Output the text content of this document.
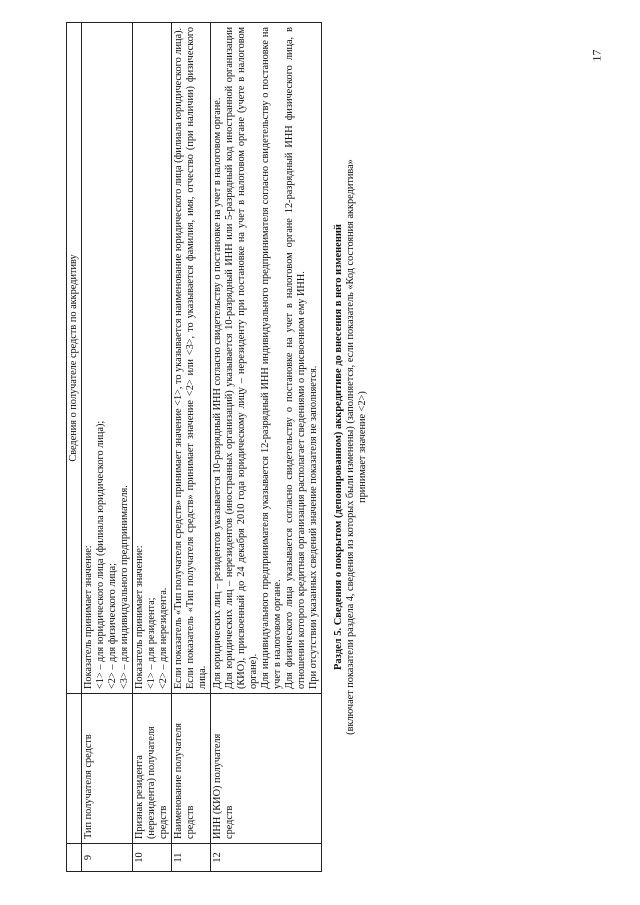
17
		Сведения о получателе средств по аккредитиву
9	Тип получателя средств	Показатель принимает значение: <1> – для юридического лица (филиала юридического лица); <2> – для физического лица; <3> – для индивидуального предпринимателя.

10	Признак резидента (нерезидента) получателя средств	Показатель принимает значение: <1> – для резидента; <2> – для нерезидента.

11	Наименование получателя средств	Если показатель «Тип получателя средств» принимает значение <1>, то указывается наименование юридического лица (филиала юридического лица). Если показатель «Тип получателя средств» принимает значение <2> или <3>, то указывается фамилия, имя, отчество (при наличии) физического лица.

12	ИНН (КИО) получателя средств	Для юридических лиц – резидентов указывается 10-разрядный ИНН согласно свидетельству о постановке на учет в налоговом органе. Для юридических лиц – нерезидентов (иностранных организаций) указывается 10-разрядный ИНН или 5-разрядный код иностранной организации (КИО), присвоенный до 24 декабря 2010 года юридическому лицу – нерезиденту при постановке на учет в налоговом органе (учете в налоговом органе). Для индивидуального предпринимателя указывается 12-разрядный ИНН индивидуального предпринимателя согласно свидетельству о постановке на учет в налоговом органе. Для физического лица указывается согласно свидетельству о постановке на учет в налоговом органе 12-разрядный ИНН физического лица, в отношении которого кредитная организация располагает сведениями о присвоенном ему ИНН. При отсутствии указанных сведений значение показателя не заполняется. Раздел 5. Сведения о покрытом (депонированном) аккредитиве до внесения в него изменений (включает показатели раздела 4, сведения из которых были изменены) (заполняется, если показатель «Код состояния аккредитива» принимает значение <2>)
